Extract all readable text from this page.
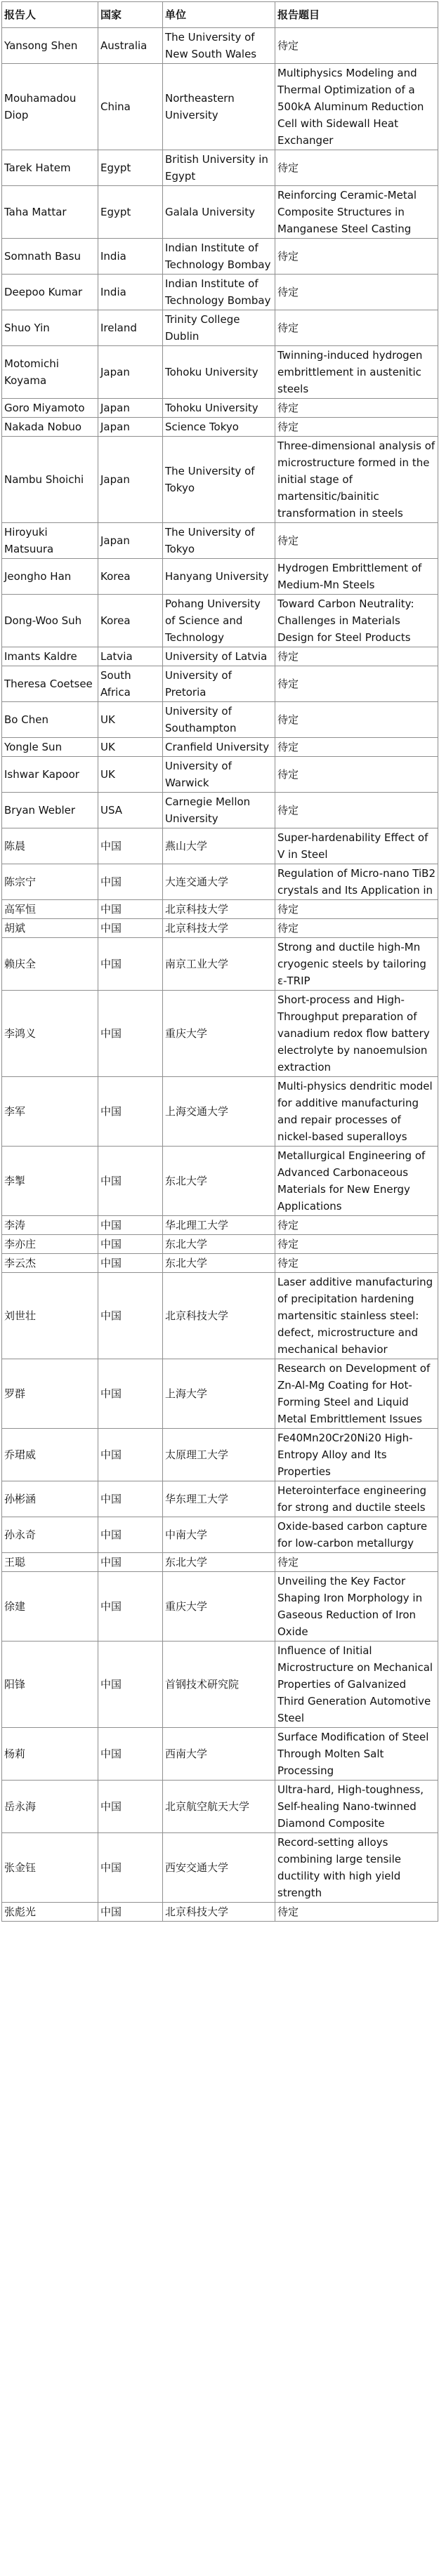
报告人	国家	单位	报告题目
Yansong Shen	Australia	The University of New South Wales	待定
Mouhamadou Diop	China	Northeastern University	Multiphysics Modeling and Thermal Optimization of a 500kA Aluminum Reduction Cell with Sidewall Heat Exchanger
Tarek Hatem	Egypt	British University in Egypt	待定
Taha Mattar	Egypt	Galala University	Reinforcing Ceramic-Metal Composite Structures in Manganese Steel Casting
Somnath Basu	India	Indian Institute of Technology Bombay	待定
Deepoo Kumar	India	Indian Institute of Technology Bombay	待定
Shuo Yin	Ireland	Trinity College Dublin	待定
Motomichi Koyama	Japan	Tohoku University	Twinning-induced hydrogen embrittlement in austenitic steels
Goro Miyamoto	Japan	Tohoku University	待定
Nakada Nobuo	Japan	Science Tokyo	待定
Nambu Shoichi	Japan	The University of Tokyo	Three-dimensional analysis of microstructure formed in the initial stage of martensitic/bainitic transformation in steels
Hiroyuki Matsuura	Japan	The University of Tokyo	待定
Jeongho Han	Korea	Hanyang University	Hydrogen Embrittlement of Medium-Mn Steels
Dong-Woo Suh	Korea	Pohang University of Science and Technology	Toward Carbon Neutrality: Challenges in Materials Design for Steel Products
Imants Kaldre	Latvia	University of Latvia	待定
Theresa Coetsee	South Africa	University of Pretoria	待定
Bo Chen	UK	University of Southampton	待定
Yongle Sun	UK	Cranfield University	待定
Ishwar Kapoor	UK	University of Warwick	待定
Bryan Webler	USA	Carnegie Mellon University	待定
陈晨	中国	燕山大学	Super-hardenability Effect of V in Steel
陈宗宁	中国	大连交通大学	Regulation of Micro-nano TiB2 crystals and Its Application in
高军恒	中国	北京科技大学	待定
胡斌	中国	北京科技大学	待定
赖庆全	中国	南京工业大学	Strong and ductile high-Mn cryogenic steels by tailoring ε-TRIP
李鸿义	中国	重庆大学	Short-process and High-Throughput preparation of vanadium redox flow battery electrolyte by nanoemulsion extraction
李军	中国	上海交通大学	Multi-physics dendritic model for additive manufacturing and repair processes of nickel-based superalloys
李掣	中国	东北大学	Metallurgical Engineering of Advanced Carbonaceous Materials for New Energy Applications
李涛	中国	华北理工大学	待定
李亦庄	中国	东北大学	待定
李云杰	中国	东北大学	待定
刘世壮	中国	北京科技大学	Laser additive manufacturing of precipitation hardening martensitic stainless steel: defect, microstructure and mechanical behavior
罗群	中国	上海大学	Research on Development of Zn-Al-Mg Coating for Hot-Forming Steel and Liquid Metal Embrittlement Issues
乔珺威	中国	太原理工大学	Fe40Mn20Cr20Ni20 High-Entropy Alloy and Its Properties
孙彬涵	中国	华东理工大学	Heterointerface engineering for strong and ductile steels
孙永奇	中国	中南大学	Oxide-based carbon capture for low-carbon metallurgy
王聪	中国	东北大学	待定
徐建	中国	重庆大学	Unveiling the Key Factor Shaping Iron Morphology in Gaseous Reduction of Iron Oxide
阳锋	中国	首钢技术研究院	Influence of Initial Microstructure on Mechanical Properties of Galvanized Third Generation Automotive Steel
杨莉	中国	西南大学	Surface Modification of Steel Through Molten Salt Processing
岳永海	中国	北京航空航天大学	Ultra-hard, High-toughness, Self-healing Nano-twinned Diamond Composite
张金钰	中国	西安交通大学	Record-setting alloys combining large tensile ductility with high yield strength
张彪光	中国	北京科技大学	待定
